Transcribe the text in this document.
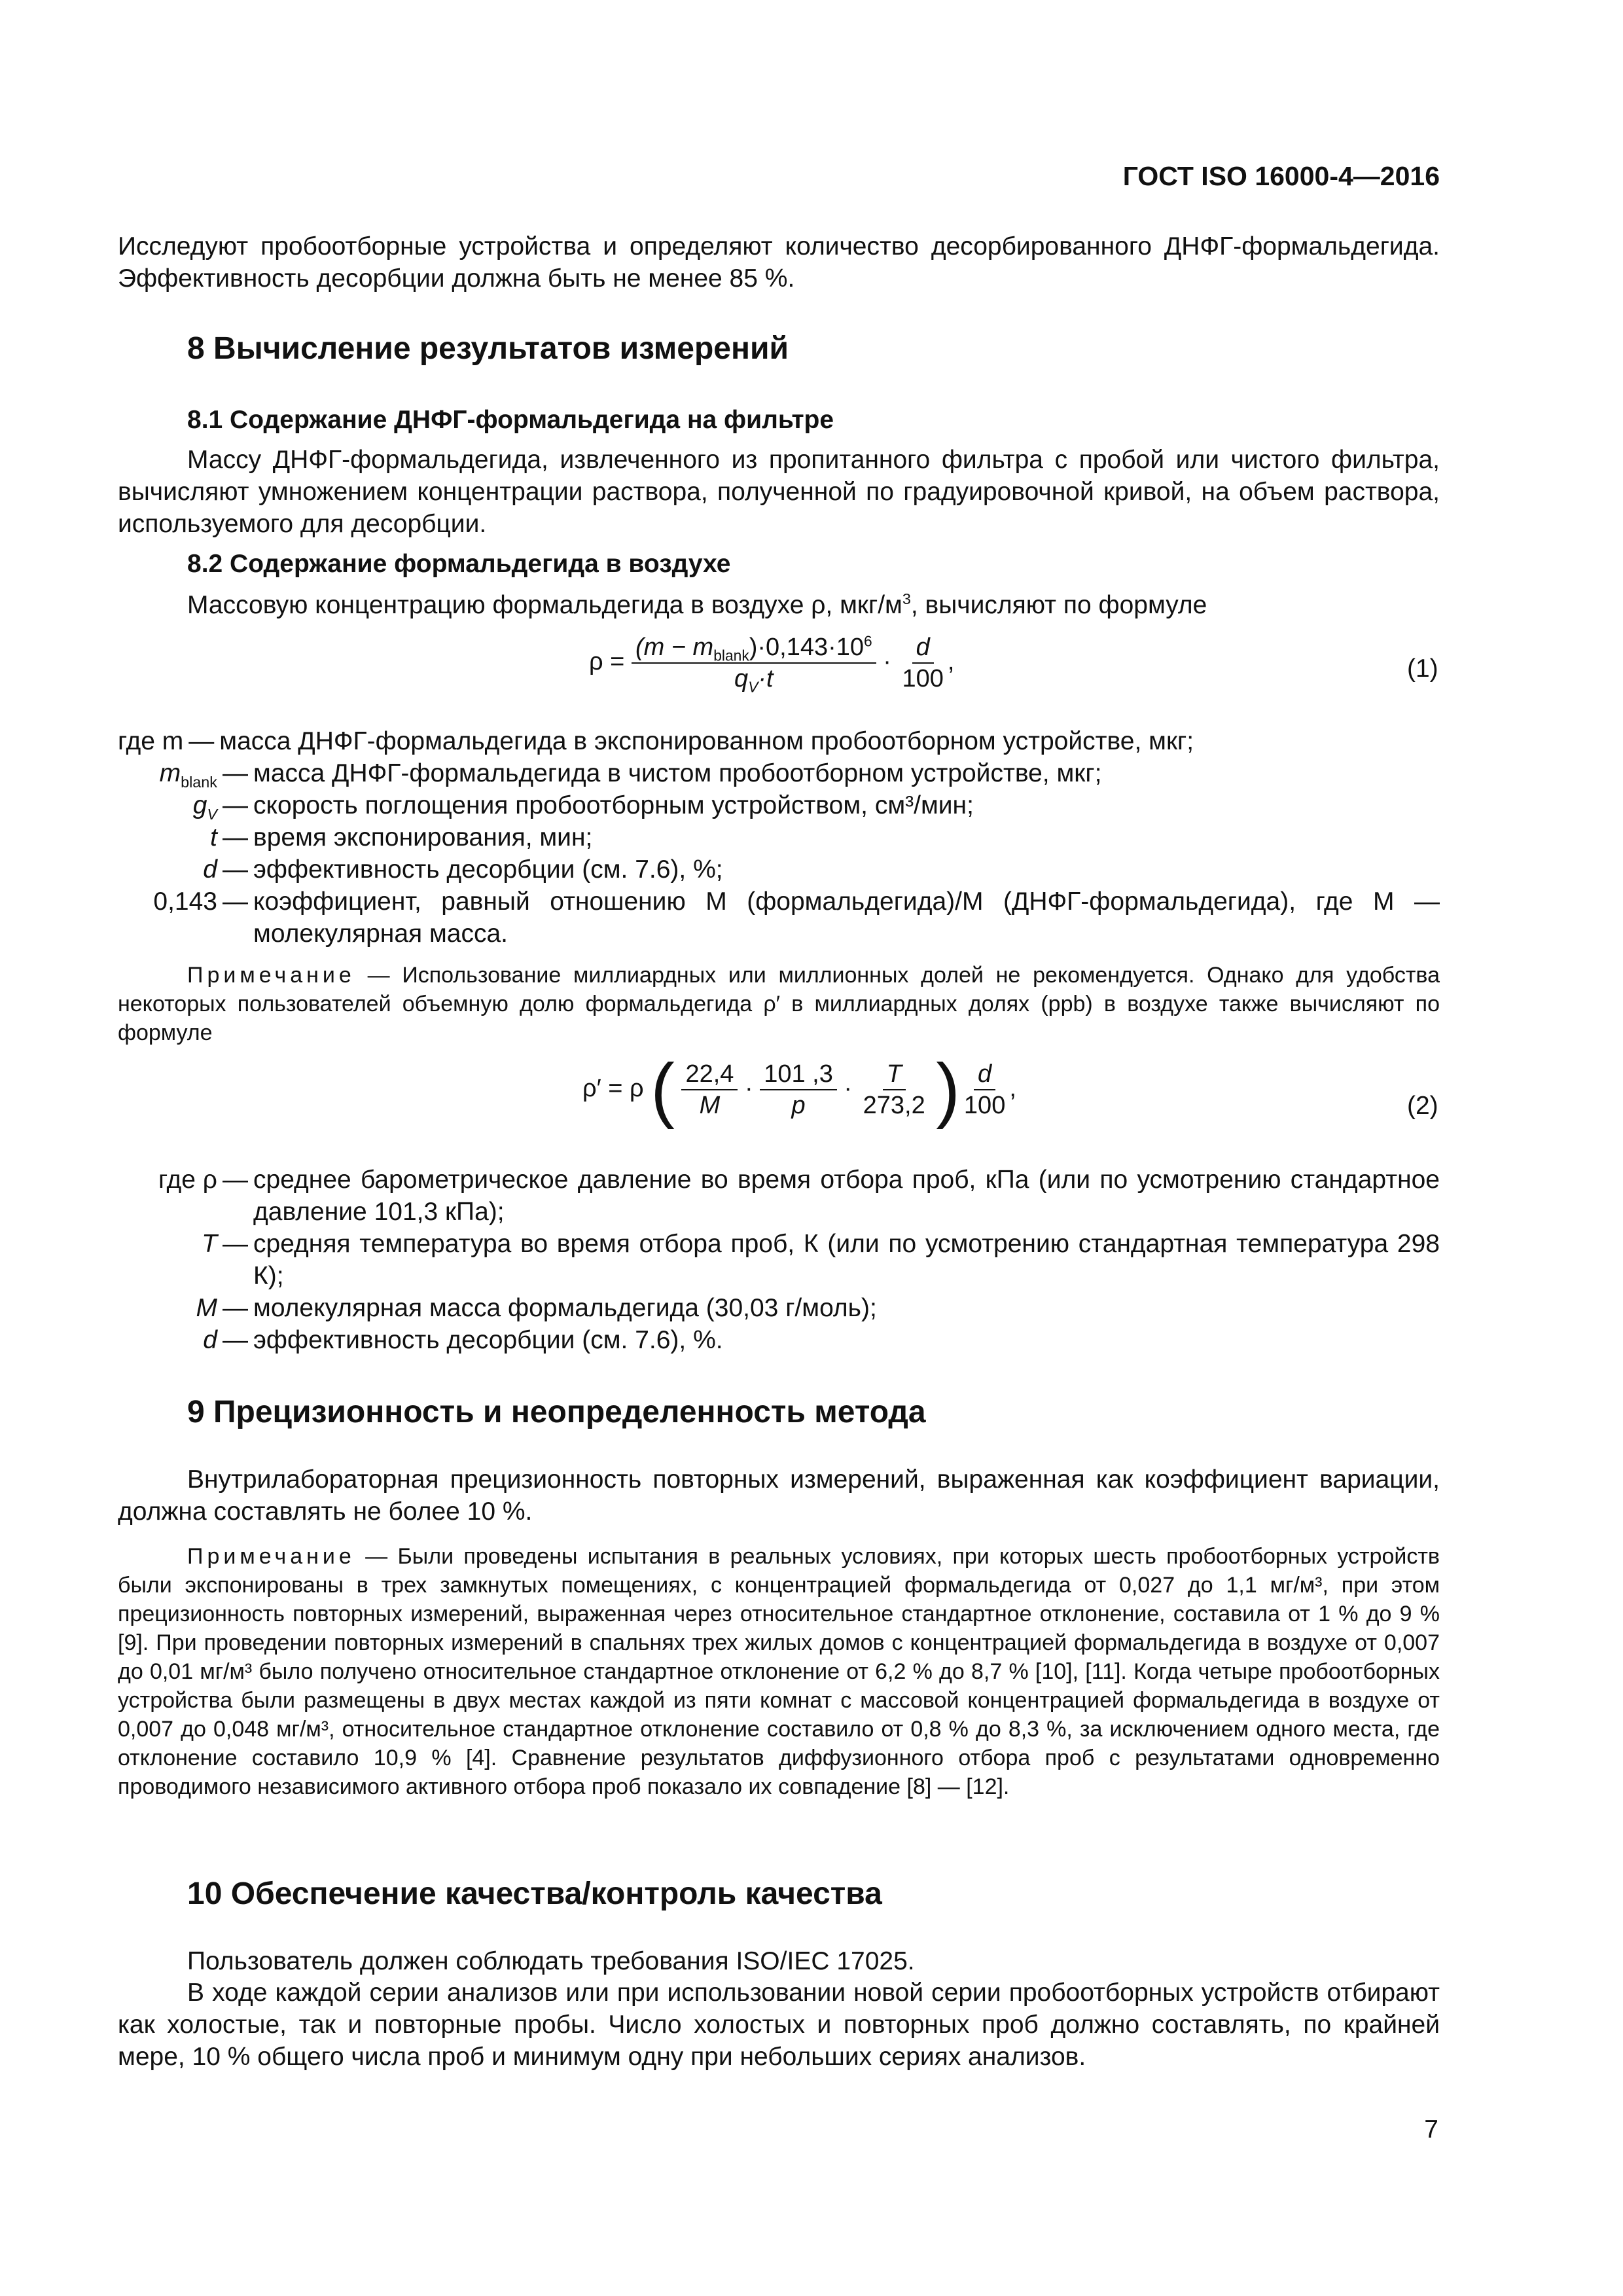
ГОСТ ISO 16000-4—2016

Исследуют пробоотборные устройства и определяют количество десорбированного ДНФГ-формальдегида. Эффективность десорбции должна быть не менее 85 %.

8 Вычисление результатов измерений
8.1 Содержание ДНФГ-формальдегида на фильтре

Массу ДНФГ-формальдегида, извлеченного из пропитанного фильтра с пробой или чистого фильтра, вычисляют умножением концентрации раствора, полученной по градуировочной кривой, на объем раствора, используемого для десорбции.

8.2 Содержание формальдегида в воздухе

Массовую концентрацию формальдегида в воздухе ρ, мкг/$м^3$, вычисляют по формуле

$\rho = \frac{(m - m_{blank})\cdot 0,143\cdot 10^6}{q_V\cdot t} \cdot \frac{d}{100}$ ,	(1)
где m — масса ДНФГ-формальдегида в экспонированном пробоотборном устройстве, мкг;
$m_{blank}$ — масса ДНФГ-формальдегида в чистом пробоотборном устройстве, мкг;
$g_V$ — скорость поглощения пробоотборным устройством, см³/мин;
t — время экспонирования, мин;
d — эффективность десорбции (см. 7.6), %;
0,143 — коэффициент, равный отношению M (формальдегида)/M (ДНФГ-формальдегида), где M — молекулярная масса.

Примечание — Использование миллиардных или миллионных долей не рекомендуется. Однако для удобства некоторых пользователей объемную долю формальдегида ρ′ в миллиардных долях (ppb) в воздухе также вычисляют по формуле

ρ′ = ρ ( $\frac{22,4}{M} \cdot \frac{101 ,3}{p} \cdot \frac{T}{273,2}$ ) $\frac{d}{100}$ ,
(2)
где ρ — среднее барометрическое давление во время отбора проб, кПа (или по усмотрению стандартное давление 101,3 кПа);
T — средняя температура во время отбора проб, К (или по усмотрению стандартная температура 298 К);
M — молекулярная масса формальдегида (30,03 г/моль);
d — эффективность десорбции (см. 7.6), %.
9 Прецизионность и неопределенность метода

Внутрилабораторная прецизионность повторных измерений, выраженная как коэффициент вариации, должна составлять не более 10 %.

Примечание — Были проведены испытания в реальных условиях, при которых шесть пробоотборных устройств были экспонированы в трех замкнутых помещениях, с концентрацией формальдегида от 0,027 до 1,1 мг/м³, при этом прецизионность повторных измерений, выраженная через относительное стандартное отклонение, составила от 1 % до 9 % [9]. При проведении повторных измерений в спальнях трех жилых домов с концентрацией формальдегида в воздухе от 0,007 до 0,01 мг/м³ было получено относительное стандартное отклонение от 6,2 % до 8,7 % [10], [11]. Когда четыре пробоотборных устройства были размещены в двух местах каждой из пяти комнат с массовой концентрацией формальдегида в воздухе от 0,007 до 0,048 мг/м³, относительное стандартное отклонение составило от 0,8 % до 8,3 %, за исключением одного места, где отклонение составило 10,9 % [4]. Сравнение результатов диффузионного отбора проб с результатами одновременно проводимого независимого активного отбора проб показало их совпадение [8] — [12].

10 Обеспечение качества/контроль качества

Пользователь должен соблюдать требования ISO/IEC 17025.

В ходе каждой серии анализов или при использовании новой серии пробоотборных устройств отбирают как холостые, так и повторные пробы. Число холостых и повторных проб должно составлять, по крайней мере, 10 % общего числа проб и минимум одну при небольших сериях анализов.

7
